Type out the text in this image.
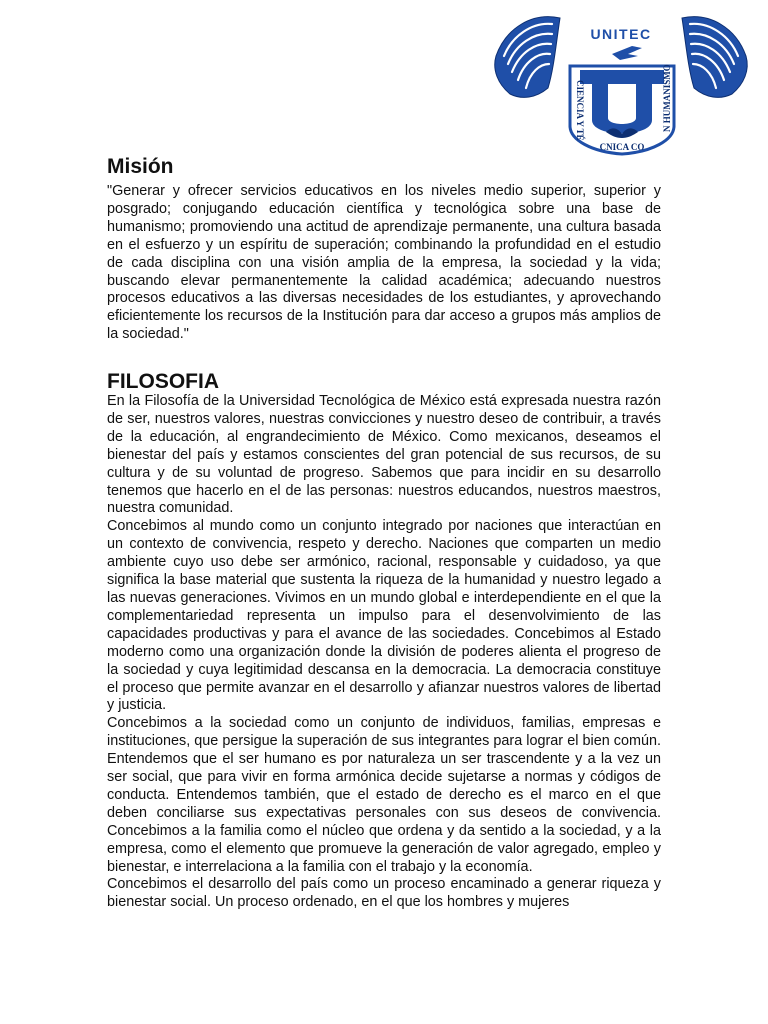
UNITEC
CIENCIA Y TÉ	N HUMANISMO
CNICA CO
Misión

"Generar y ofrecer servicios educativos en los niveles medio superior, superior y posgrado; conjugando educación científica y tecnológica sobre una base de humanismo; promoviendo una actitud de aprendizaje permanente, una cultura basada en el esfuerzo y un espíritu de superación; combinando la profundidad en el estudio de cada disciplina con una visión amplia de la empresa, la sociedad y la vida; buscando elevar permanentemente la calidad académica; adecuando nuestros procesos educativos a las diversas necesidades de los estudiantes, y aprovechando eficientemente los recursos de la Institución para dar acceso a grupos más amplios de la sociedad."

FILOSOFIA

En la Filosofía de la Universidad Tecnológica de México está expresada nuestra razón de ser, nuestros valores, nuestras convicciones y nuestro deseo de contribuir, a través de la educación, al engrandecimiento de México. Como mexicanos, deseamos el bienestar del país y estamos conscientes del gran potencial de sus recursos, de su cultura y de su voluntad de progreso. Sabemos que para incidir en su desarrollo tenemos que hacerlo en el de las personas: nuestros educandos, nuestros maestros, nuestra comunidad.

Concebimos al mundo como un conjunto integrado por naciones que interactúan en un contexto de convivencia, respeto y derecho. Naciones que comparten un medio ambiente cuyo uso debe ser armónico, racional, responsable y cuidadoso, ya que significa la base material que sustenta la riqueza de la humanidad y nuestro legado a las nuevas generaciones. Vivimos en un mundo global e interdependiente en el que la complementariedad representa un impulso para el desenvolvimiento de las capacidades productivas y para el avance de las sociedades. Concebimos al Estado moderno como una organización donde la división de poderes alienta el progreso de la sociedad y cuya legitimidad descansa en la democracia. La democracia constituye el proceso que permite avanzar en el desarrollo y afianzar nuestros valores de libertad y justicia.

Concebimos a la sociedad como un conjunto de individuos, familias, empresas e instituciones, que persigue la superación de sus integrantes para lograr el bien común. Entendemos que el ser humano es por naturaleza un ser trascendente y a la vez un ser social, que para vivir en forma armónica decide sujetarse a normas y códigos de conducta. Entendemos también, que el estado de derecho es el marco en el que deben conciliarse sus expectativas personales con sus deseos de convivencia. Concebimos a la familia como el núcleo que ordena y da sentido a la sociedad, y a la empresa, como el elemento que promueve la generación de valor agregado, empleo y bienestar, e interrelaciona a la familia con el trabajo y la economía.

Concebimos el desarrollo del país como un proceso encaminado a generar riqueza y bienestar social. Un proceso ordenado, en el que los hombres y mujeres
